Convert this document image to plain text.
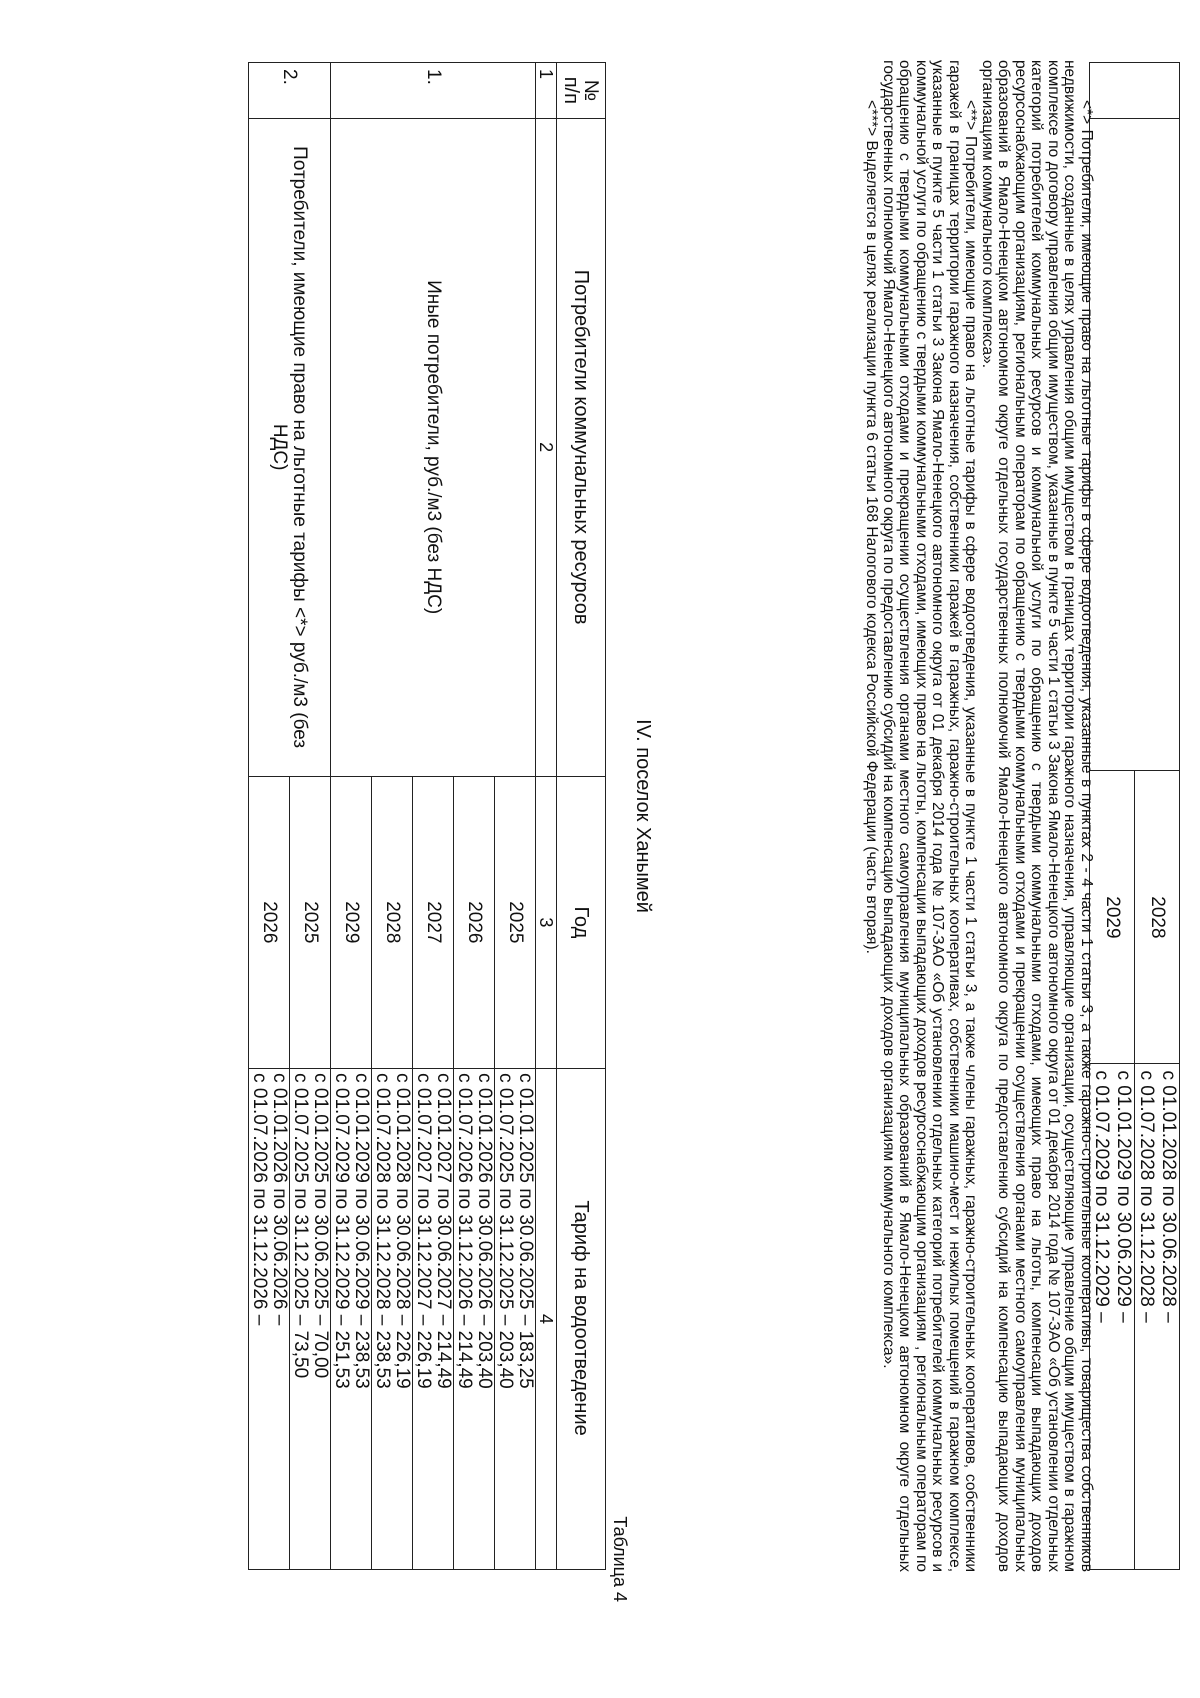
		2028	с 01.01.2028 по 30.06.2028 –
с 01.07.2028 по 31.12.2028 –

		2029	с 01.01.2029 по 30.06.2029 –
с 01.07.2029 по 31.12.2029 –

<*> Потребители, имеющие право на льготные тарифы в сфере водоотведения, указанные в пунктах 2 - 4 части 1 статьи 3, а также гаражно-строительные кооперативы, товарищества собственников недвижимости, созданные в целях управления общим имуществом в границах территории гаражного назначения, управляющие организации, осуществляющие управление общим имуществом в гаражном комплексе по договору управления общим имуществом, указанные в пункте 5 части 1 статьи 3 Закона Ямало-Ненецкого автономного округа от 01 декабря 2014 года № 107-ЗАО «Об установлении отдельных категорий потребителей коммунальных ресурсов и коммунальной услуги по обращению с твердыми коммунальными отходами, имеющих право на льготы, компенсации выпадающих доходов ресурсоснабжающим организациям, региональным операторам по обращению с твердыми коммунальными отходами и прекращении осуществления органами местного самоуправления муниципальных образований в Ямало-Ненецком автономном округе отдельных государственных полномочий Ямало-Ненецкого автономного округа по предоставлению субсидий на компенсацию выпадающих доходов организациям коммунального комплекса».

<**> Потребители, имеющие право на льготные тарифы в сфере водоотведения, указанные в пункте 1 части 1 статьи 3, а также члены гаражных, гаражно-строительных кооперативов, собственники гаражей в границах территории гаражного назначения, собственники гаражей в гаражных, гаражно-строительных кооперативах, собственники машино-мест и нежилых помещений в гаражном комплексе, указанные в пункте 5 части 1 статьи 3 Закона Ямало-Ненецкого автономного округа от 01 декабря 2014 года № 107-ЗАО «Об установлении отдельных категорий потребителей коммунальных ресурсов и коммунальной услуги по обращению с твердыми коммунальными отходами, имеющих право на льготы, компенсации выпадающих доходов ресурсоснабжающим организациям , региональным операторам по обращению с твердыми коммунальными отходами и прекращении осуществления органами местного самоуправления муниципальных образований в Ямало-Ненецком автономном округе отдельных государственных полномочий Ямало-Ненецкого автономного округа по предоставлению субсидий на компенсацию выпадающих доходов организациям коммунального комплекса».

<***> Выделяется в целях реализации пункта 6 статьи 168 Налогового кодекса Российской Федерации (часть вторая).

IV. поселок Ханымей
Таблица 4
№ п/п	Потребители коммунальных ресурсов	Год	Тариф на водоотведение
1	2	3	4
1.	Иные потребители, руб./м3 (без НДС)	2025	с 01.01.2025 по 30.06.2025 – 183,25
с 01.07.2025 по 31.12.2025 – 203,40

		2026	с 01.01.2026 по 30.06.2026 – 203,40
с 01.07.2026 по 31.12.2026 – 214,49

		2027	с 01.01.2027 по 30.06.2027 – 214,49
с 01.07.2027 по 31.12.2027 – 226,19

		2028	с 01.01.2028 по 30.06.2028 – 226,19
с 01.07.2028 по 31.12.2028 – 238,53

		2029	с 01.01.2029 по 30.06.2029 – 238,53
с 01.07.2029 по 31.12.2029 – 251,53

2.	Потребители, имеющие право на льготные тарифы <*> руб./м3 (без НДС)	2025	с 01.01.2025 по 30.06.2025 – 70,00
с 01.07.2025 по 31.12.2025 – 73,50

		2026	с 01.01.2026 по 30.06.2026 –
с 01.07.2026 по 31.12.2026 –
